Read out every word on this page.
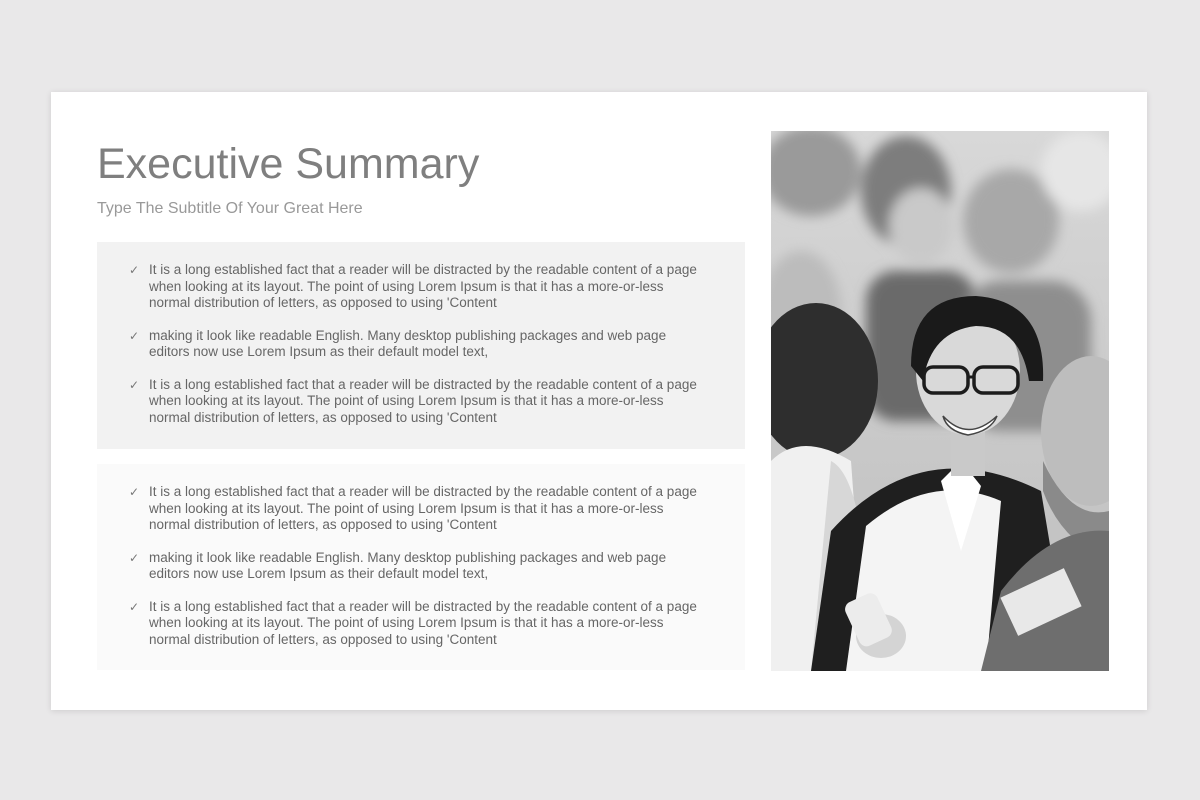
Executive Summary

Type The Subtitle Of Your Great Here

✓ It is a long established fact that a reader will be distracted by the readable content of a page when looking at its layout. The point of using Lorem Ipsum is that it has a more-or-less normal distribution of letters, as opposed to using 'Content
✓ making it look like readable English. Many desktop publishing packages and web page editors now use Lorem Ipsum as their default model text,
✓ It is a long established fact that a reader will be distracted by the readable content of a page when looking at its layout. The point of using Lorem Ipsum is that it has a more-or-less normal distribution of letters, as opposed to using 'Content
✓ It is a long established fact that a reader will be distracted by the readable content of a page when looking at its layout. The point of using Lorem Ipsum is that it has a more-or-less normal distribution of letters, as opposed to using 'Content
✓ making it look like readable English. Many desktop publishing packages and web page editors now use Lorem Ipsum as their default model text,
✓ It is a long established fact that a reader will be distracted by the readable content of a page when looking at its layout. The point of using Lorem Ipsum is that it has a more-or-less normal distribution of letters, as opposed to using 'Content
